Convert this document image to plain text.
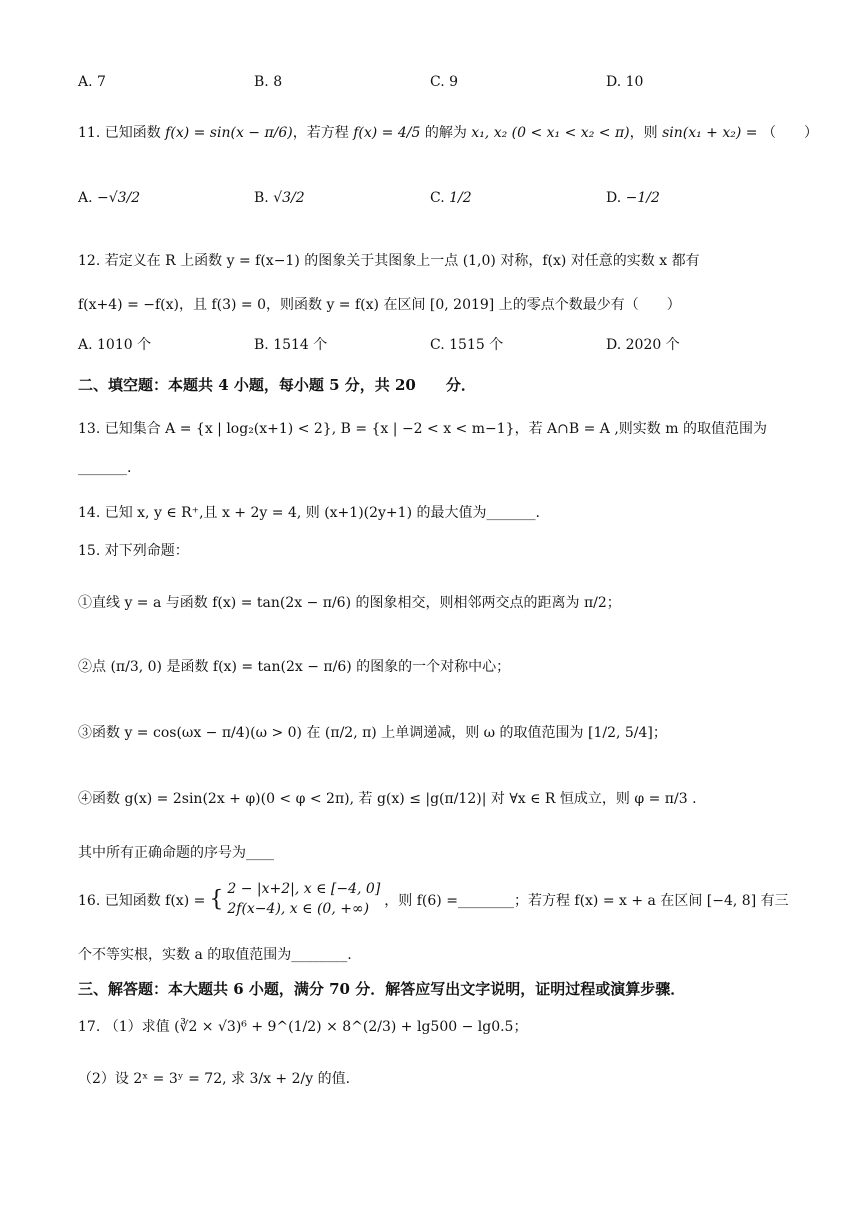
A. 7	B. 8	C. 9	D. 10
11. 已知函数 f(x) = sin(x − π/6)，若方程 f(x) = 4/5 的解为 x₁, x₂ (0 < x₁ < x₂ < π)，则 sin(x₁ + x₂) = （　　）
A. −√3/2	B. √3/2	C. 1/2	D. −1/2
12. 若定义在 R 上函数 y = f(x−1) 的图象关于其图象上一点 (1,0) 对称，f(x) 对任意的实数 x 都有
f(x+4) = −f(x)，且 f(3) = 0，则函数 y = f(x) 在区间 [0, 2019] 上的零点个数最少有（　　）
A. 1010 个	B. 1514 个	C. 1515 个	D. 2020 个
二、填空题：本题共 4 小题，每小题 5 分，共 20　　分．
13. 已知集合 A = {x | log₂(x+1) < 2}, B = {x | −2 < x < m−1}，若 A∩B = A ,则实数 m 的取值范围为
_______.
14. 已知 x, y ∈ R⁺,且 x + 2y = 4, 则 (x+1)(2y+1) 的最大值为_______.
15. 对下列命题：
①直线 y = a 与函数 f(x) = tan(2x − π/6) 的图象相交，则相邻两交点的距离为 π/2；
②点 (π/3, 0) 是函数 f(x) = tan(2x − π/6) 的图象的一个对称中心；
③函数 y = cos(ωx − π/4)(ω > 0) 在 (π/2, π) 上单调递减，则 ω 的取值范围为 [1/2, 5/4]；
④函数 g(x) = 2sin(2x + φ)(0 < φ < 2π), 若 g(x) ≤ |g(π/12)| 对 ∀x ∈ R 恒成立，则 φ = π/3 .
其中所有正确命题的序号为____
16. 已知函数 f(x) = { 2 − |x+2|, x ∈ [−4, 0]
2f(x−4), x ∈ (0, +∞)	，则 f(6) =________；若方程 f(x) = x + a 在区间 [−4, 8] 有三
个不等实根，实数 a 的取值范围为________.
三、解答题：本大题共 6 小题，满分 70 分．解答应写出文字说明，证明过程或演算步骤．
17. （1）求值 (∛2 × √3)⁶ + 9^(1/2) × 8^(2/3) + lg500 − lg0.5；
（2）设 2ˣ = 3ʸ = 72, 求 3/x + 2/y 的值.
